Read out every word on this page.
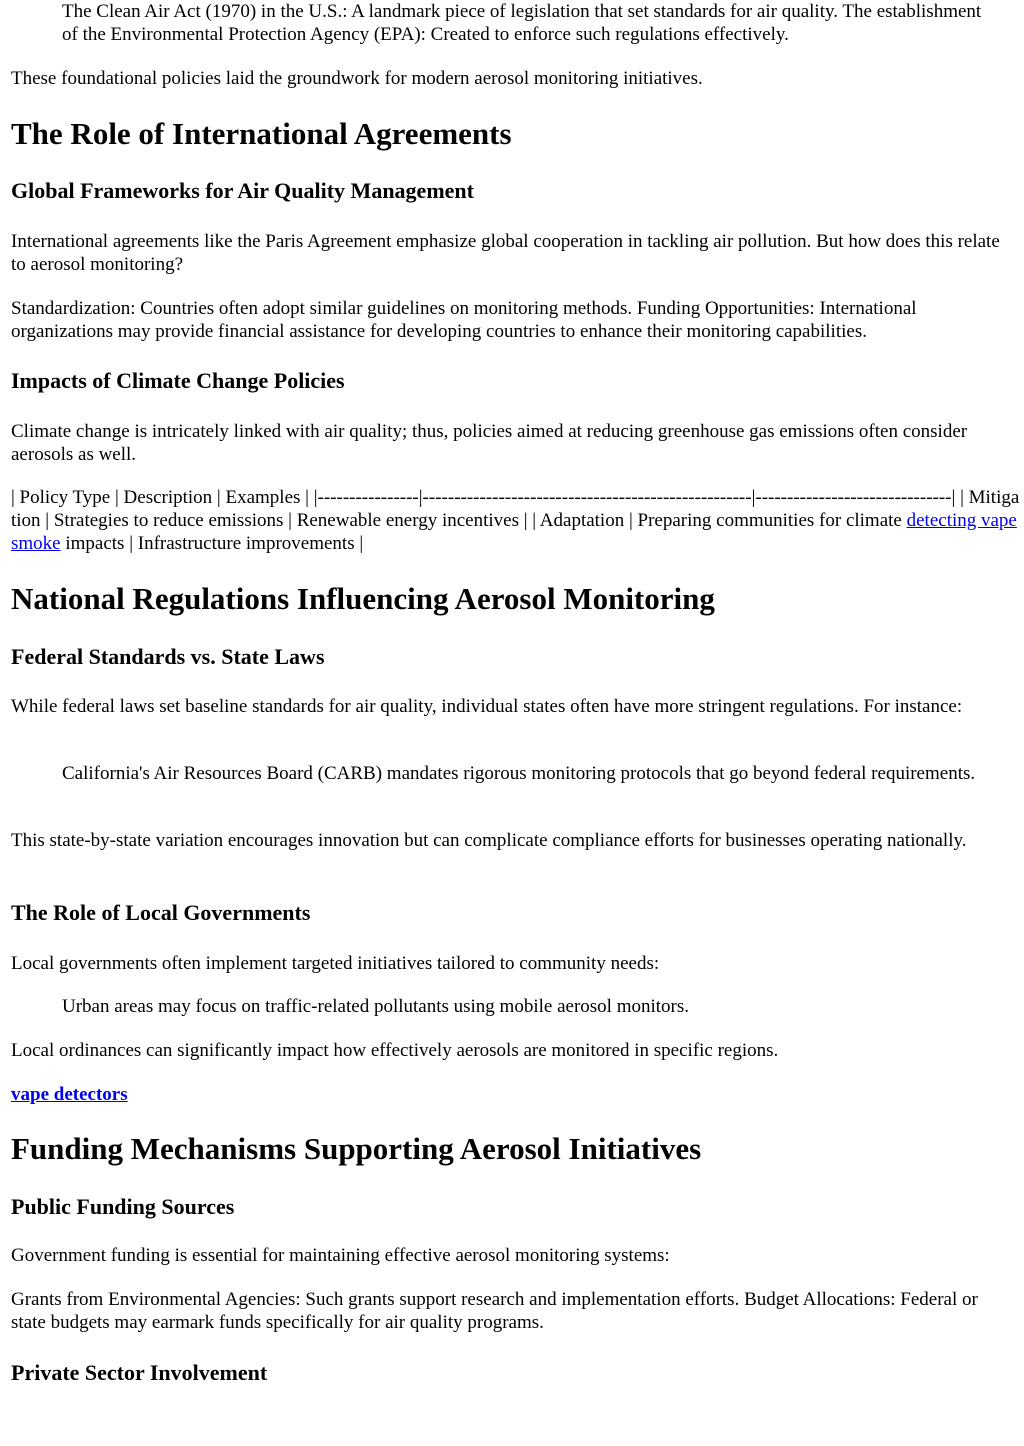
The Clean Air Act (1970) in the U.S.: A landmark piece of legislation that set standards for air quality. The establishment of the Environmental Protection Agency (EPA): Created to enforce such regulations effectively.

These foundational policies laid the groundwork for modern aerosol monitoring initiatives.

The Role of International Agreements
Global Frameworks for Air Quality Management

International agreements like the Paris Agreement emphasize global cooperation in tackling air pollution. But how does this relate to aerosol monitoring?

Standardization: Countries often adopt similar guidelines on monitoring methods. Funding Opportunities: International organizations may provide financial assistance for developing countries to enhance their monitoring capabilities.

Impacts of Climate Change Policies

Climate change is intricately linked with air quality; thus, policies aimed at reducing greenhouse gas emissions often consider aerosols as well.

| Policy Type | Description | Examples | |----------------|----------------------------------------------------|-------------------------------| | Mitigation | Strategies to reduce emissions | Renewable energy incentives | | Adaptation | Preparing communities for climate detecting vape smoke impacts | Infrastructure improvements |

National Regulations Influencing Aerosol Monitoring
Federal Standards vs. State Laws

While federal laws set baseline standards for air quality, individual states often have more stringent regulations. For instance:

California's Air Resources Board (CARB) mandates rigorous monitoring protocols that go beyond federal requirements.

This state-by-state variation encourages innovation but can complicate compliance efforts for businesses operating nationally.

The Role of Local Governments

Local governments often implement targeted initiatives tailored to community needs:

Urban areas may focus on traffic-related pollutants using mobile aerosol monitors.

Local ordinances can significantly impact how effectively aerosols are monitored in specific regions.

vape detectors

Funding Mechanisms Supporting Aerosol Initiatives
Public Funding Sources

Government funding is essential for maintaining effective aerosol monitoring systems:

Grants from Environmental Agencies: Such grants support research and implementation efforts. Budget Allocations: Federal or state budgets may earmark funds specifically for air quality programs.

Private Sector Involvement
